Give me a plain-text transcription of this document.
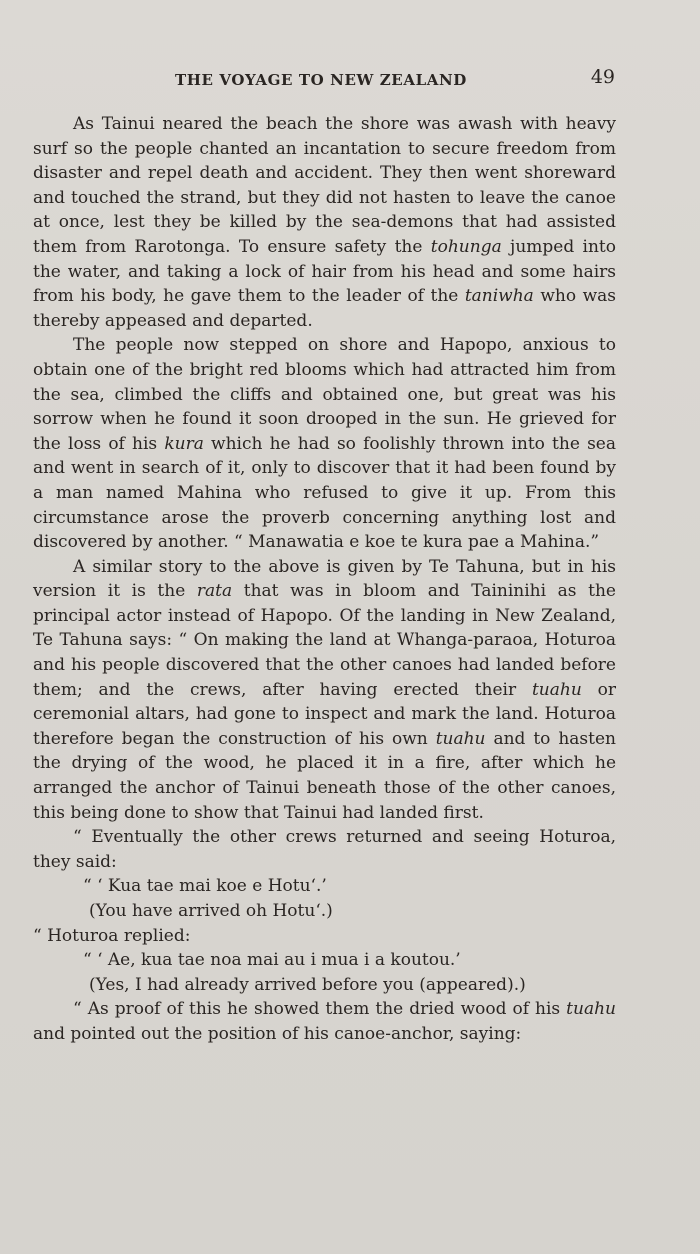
THE VOYAGE TO NEW ZEALAND	49

As Tainui neared the beach the shore was awash with heavy surf so the people chanted an incantation to secure freedom from disaster and repel death and accident. They then went shoreward and touched the strand, but they did not hasten to leave the canoe at once, lest they be killed by the sea-demons that had assisted them from Rarotonga. To ensure safety the tohunga jumped into the water, and taking a lock of hair from his head and some hairs from his body, he gave them to the leader of the taniwha who was thereby appeased and departed.

The people now stepped on shore and Hapopo, anxious to obtain one of the bright red blooms which had attracted him from the sea, climbed the cliffs and obtained one, but great was his sorrow when he found it soon drooped in the sun. He grieved for the loss of his kura which he had so foolishly thrown into the sea and went in search of it, only to discover that it had been found by a man named Mahina who refused to give it up. From this circumstance arose the proverb concerning anything lost and discovered by another. “ Manawatia e koe te kura pae a Mahina.”

A similar story to the above is given by Te Tahuna, but in his version it is the rata that was in bloom and Taininihi as the principal actor instead of Hapopo. Of the landing in New Zealand, Te Tahuna says: “ On making the land at Whanga-paraoa, Hoturoa and his people discovered that the other canoes had landed before them; and the crews, after having erected their tuahu or ceremonial altars, had gone to inspect and mark the land. Hoturoa therefore began the construction of his own tuahu and to hasten the drying of the wood, he placed it in a fire, after which he arranged the anchor of Tainui beneath those of the other canoes, this being done to show that Tainui had landed first.

“ Eventually the other crews returned and seeing Hoturoa, they said:

“ ‘ Kua tae mai koe e Hotu‘.’

(You have arrived oh Hotu‘.)

“ Hoturoa replied:

“ ‘ Ae, kua tae noa mai au i mua i a koutou.’

(Yes, I had already arrived before you (appeared).)

“ As proof of this he showed them the dried wood of his tuahu and pointed out the position of his canoe-anchor, saying:
